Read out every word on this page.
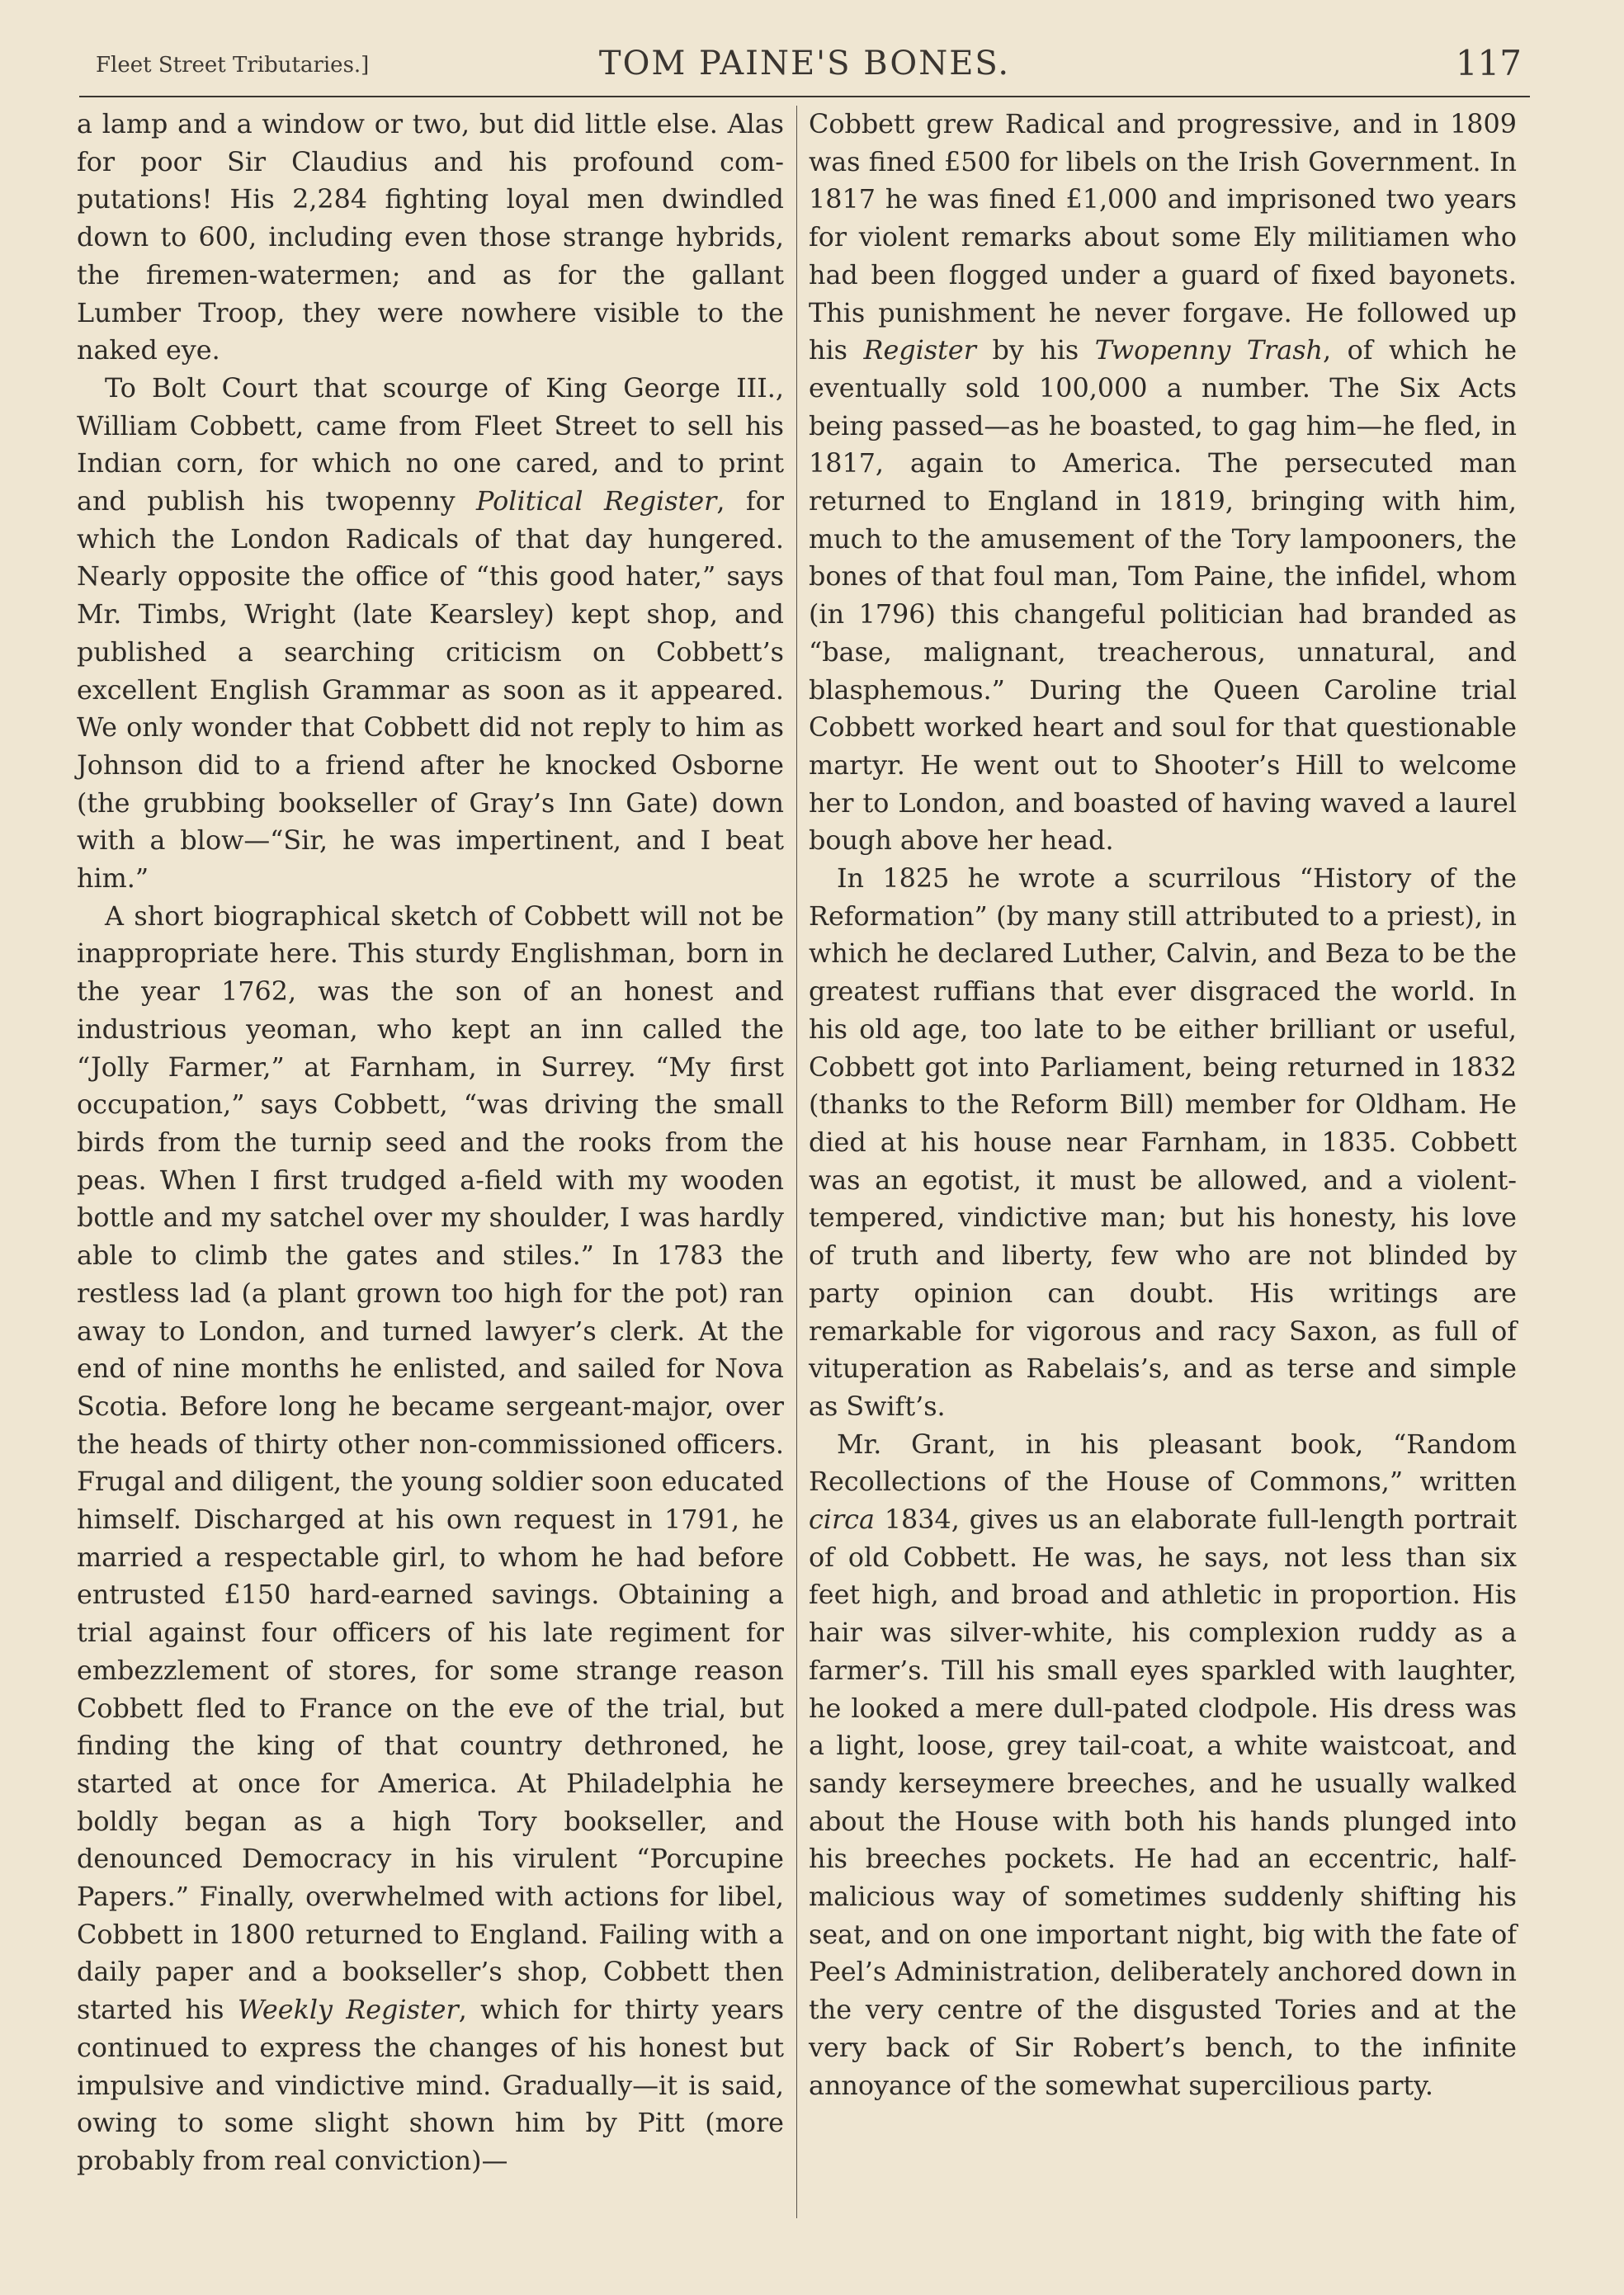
Fleet Street Tributaries.]	TOM PAINE'S BONES.	117

a lamp and a window or two, but did little else. Alas for poor Sir Claudius and his profound computations! His 2,284 fighting loyal men dwindled down to 600, including even those strange hybrids, the firemen-watermen; and as for the gallant Lumber Troop, they were nowhere visible to the naked eye.

To Bolt Court that scourge of King George III., William Cobbett, came from Fleet Street to sell his Indian corn, for which no one cared, and to print and publish his twopenny Political Register, for which the London Radicals of that day hungered. Nearly opposite the office of “this good hater,” says Mr. Timbs, Wright (late Kearsley) kept shop, and published a searching criticism on Cobbett’s excellent English Grammar as soon as it appeared. We only wonder that Cobbett did not reply to him as Johnson did to a friend after he knocked Osborne (the grubbing bookseller of Gray’s Inn Gate) down with a blow—“Sir, he was impertinent, and I beat him.”

A short biographical sketch of Cobbett will not be inappropriate here. This sturdy Englishman, born in the year 1762, was the son of an honest and industrious yeoman, who kept an inn called the “Jolly Farmer,” at Farnham, in Surrey. “My first occupation,” says Cobbett, “was driving the small birds from the turnip seed and the rooks from the peas. When I first trudged a-field with my wooden bottle and my satchel over my shoulder, I was hardly able to climb the gates and stiles.” In 1783 the restless lad (a plant grown too high for the pot) ran away to London, and turned lawyer’s clerk. At the end of nine months he enlisted, and sailed for Nova Scotia. Before long he became sergeant-major, over the heads of thirty other non-commissioned officers. Frugal and diligent, the young soldier soon educated himself. Discharged at his own request in 1791, he married a respectable girl, to whom he had before entrusted £150 hard-earned savings. Obtaining a trial against four officers of his late regiment for embezzlement of stores, for some strange reason Cobbett fled to France on the eve of the trial, but finding the king of that country dethroned, he started at once for America. At Philadelphia he boldly began as a high Tory bookseller, and denounced Democracy in his virulent “Porcupine Papers.” Finally, overwhelmed with actions for libel, Cobbett in 1800 returned to England. Failing with a daily paper and a bookseller’s shop, Cobbett then started his Weekly Register, which for thirty years continued to express the changes of his honest but impulsive and vindictive mind. Gradually—it is said, owing to some slight shown him by Pitt (more probably from real conviction)—

Cobbett grew Radical and progressive, and in 1809 was fined £500 for libels on the Irish Government. In 1817 he was fined £1,000 and imprisoned two years for violent remarks about some Ely militiamen who had been flogged under a guard of fixed bayonets. This punishment he never forgave. He followed up his Register by his Twopenny Trash, of which he eventually sold 100,000 a number. The Six Acts being passed—as he boasted, to gag him—he fled, in 1817, again to America. The persecuted man returned to England in 1819, bringing with him, much to the amusement of the Tory lampooners, the bones of that foul man, Tom Paine, the infidel, whom (in 1796) this changeful politician had branded as “base, malignant, treacherous, unnatural, and blasphemous.” During the Queen Caroline trial Cobbett worked heart and soul for that questionable martyr. He went out to Shooter’s Hill to welcome her to London, and boasted of having waved a laurel bough above her head.

In 1825 he wrote a scurrilous “History of the Reformation” (by many still attributed to a priest), in which he declared Luther, Calvin, and Beza to be the greatest ruffians that ever disgraced the world. In his old age, too late to be either brilliant or useful, Cobbett got into Parliament, being returned in 1832 (thanks to the Reform Bill) member for Oldham. He died at his house near Farnham, in 1835. Cobbett was an egotist, it must be allowed, and a violent-tempered, vindictive man; but his honesty, his love of truth and liberty, few who are not blinded by party opinion can doubt. His writings are remarkable for vigorous and racy Saxon, as full of vituperation as Rabelais’s, and as terse and simple as Swift’s.

Mr. Grant, in his pleasant book, “Random Recollections of the House of Commons,” written circa 1834, gives us an elaborate full-length portrait of old Cobbett. He was, he says, not less than six feet high, and broad and athletic in proportion. His hair was silver-white, his complexion ruddy as a farmer’s. Till his small eyes sparkled with laughter, he looked a mere dull-pated clodpole. His dress was a light, loose, grey tail-coat, a white waistcoat, and sandy kerseymere breeches, and he usually walked about the House with both his hands plunged into his breeches pockets. He had an eccentric, half-malicious way of sometimes suddenly shifting his seat, and on one important night, big with the fate of Peel’s Administration, deliberately anchored down in the very centre of the disgusted Tories and at the very back of Sir Robert’s bench, to the infinite annoyance of the somewhat supercilious party.
